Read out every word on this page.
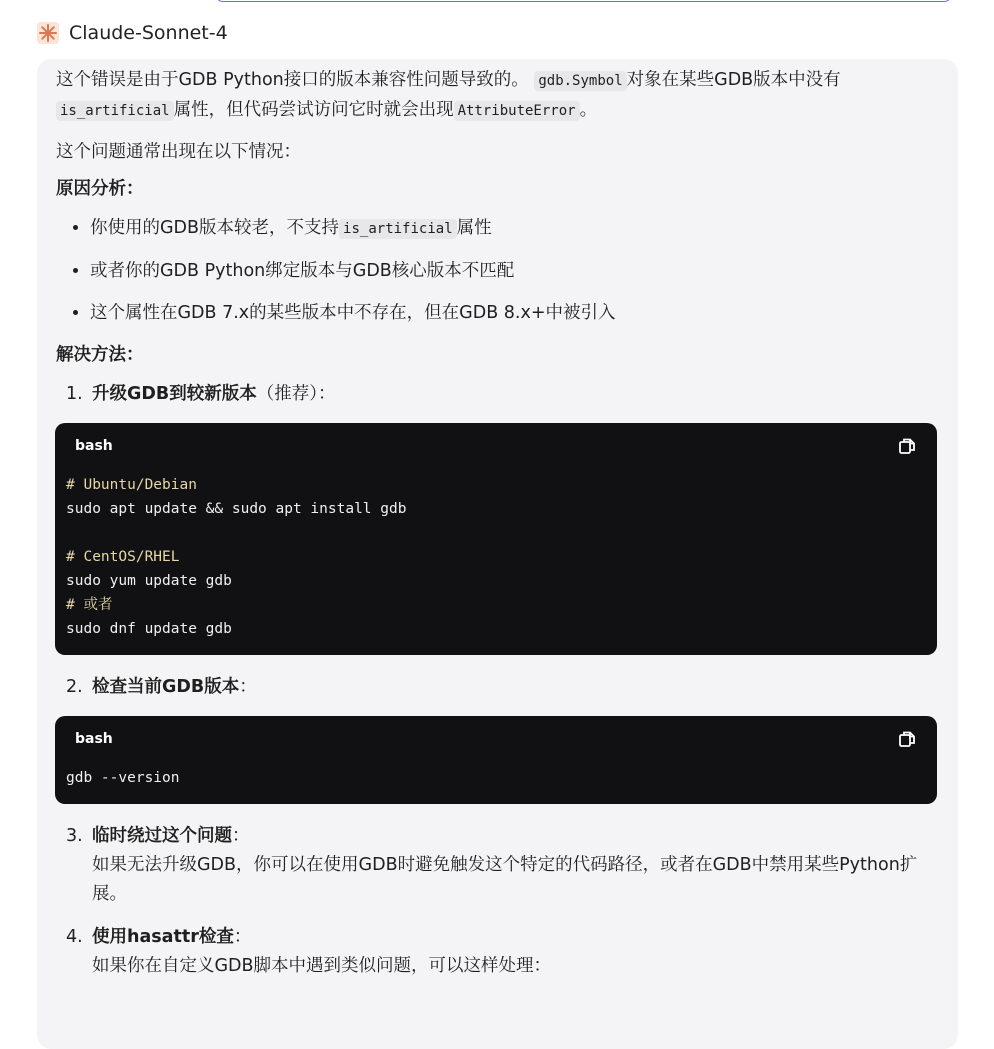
Claude-Sonnet-4

这个错误是由于GDB Python接口的版本兼容性问题导致的。 gdb.Symbol 对象在某些GDB版本中没有
is_artificial 属性，但代码尝试访问它时就会出现 AttributeError 。

这个问题通常出现在以下情况：

原因分析：

• 你使用的GDB版本较老，不支持 is_artificial 属性
• 或者你的GDB Python绑定版本与GDB核心版本不匹配
• 这个属性在GDB 7.x的某些版本中不存在，但在GDB 8.x+中被引入

解决方法：

1. 升级GDB到较新版本（推荐）：
bash
# Ubuntu/Debian
sudo apt update && sudo apt install gdb

# CentOS/RHEL
sudo yum update gdb
# 或者
sudo dnf update gdb
2. 检查当前GDB版本：
bash
gdb --version
3. 临时绕过这个问题：
如果无法升级GDB，你可以在使用GDB时避免触发这个特定的代码路径，或者在GDB中禁用某些Python扩展。
4. 使用hasattr检查：
如果你在自定义GDB脚本中遇到类似问题，可以这样处理：
